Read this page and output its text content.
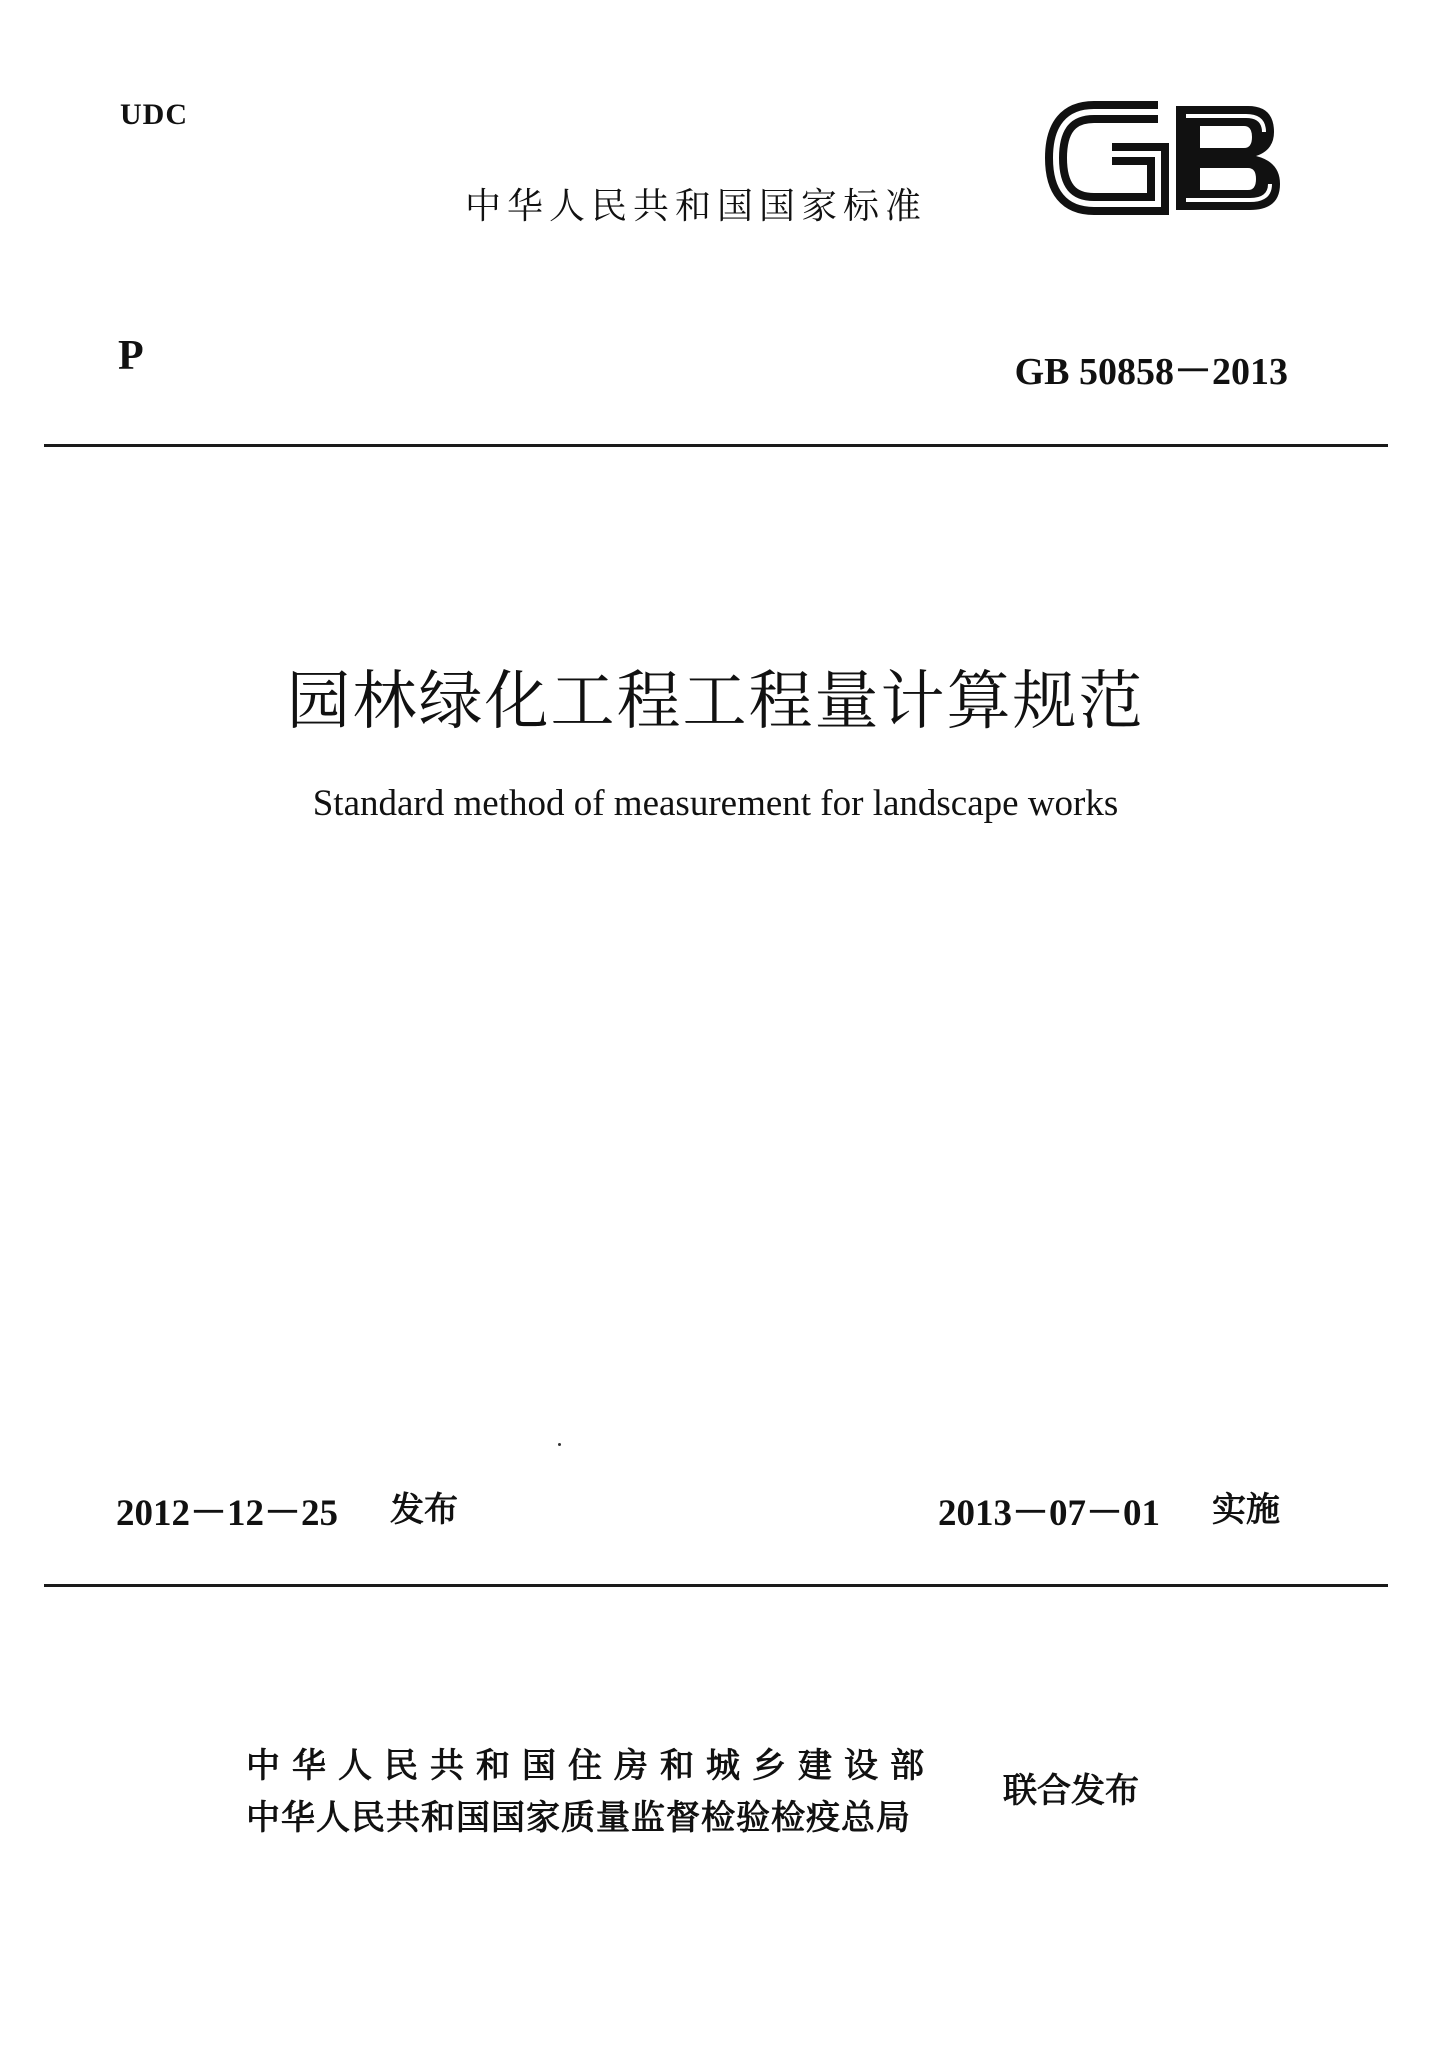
UDC
中华人民共和国国家标准
P	GB 50858－2013
园林绿化工程工程量计算规范
Standard method of measurement for landscape works
2012－12－25 发布	2013－07－01 实施
中华人民共和国住房和城乡建设部
中华人民共和国国家质量监督检验检疫总局
联合发布
